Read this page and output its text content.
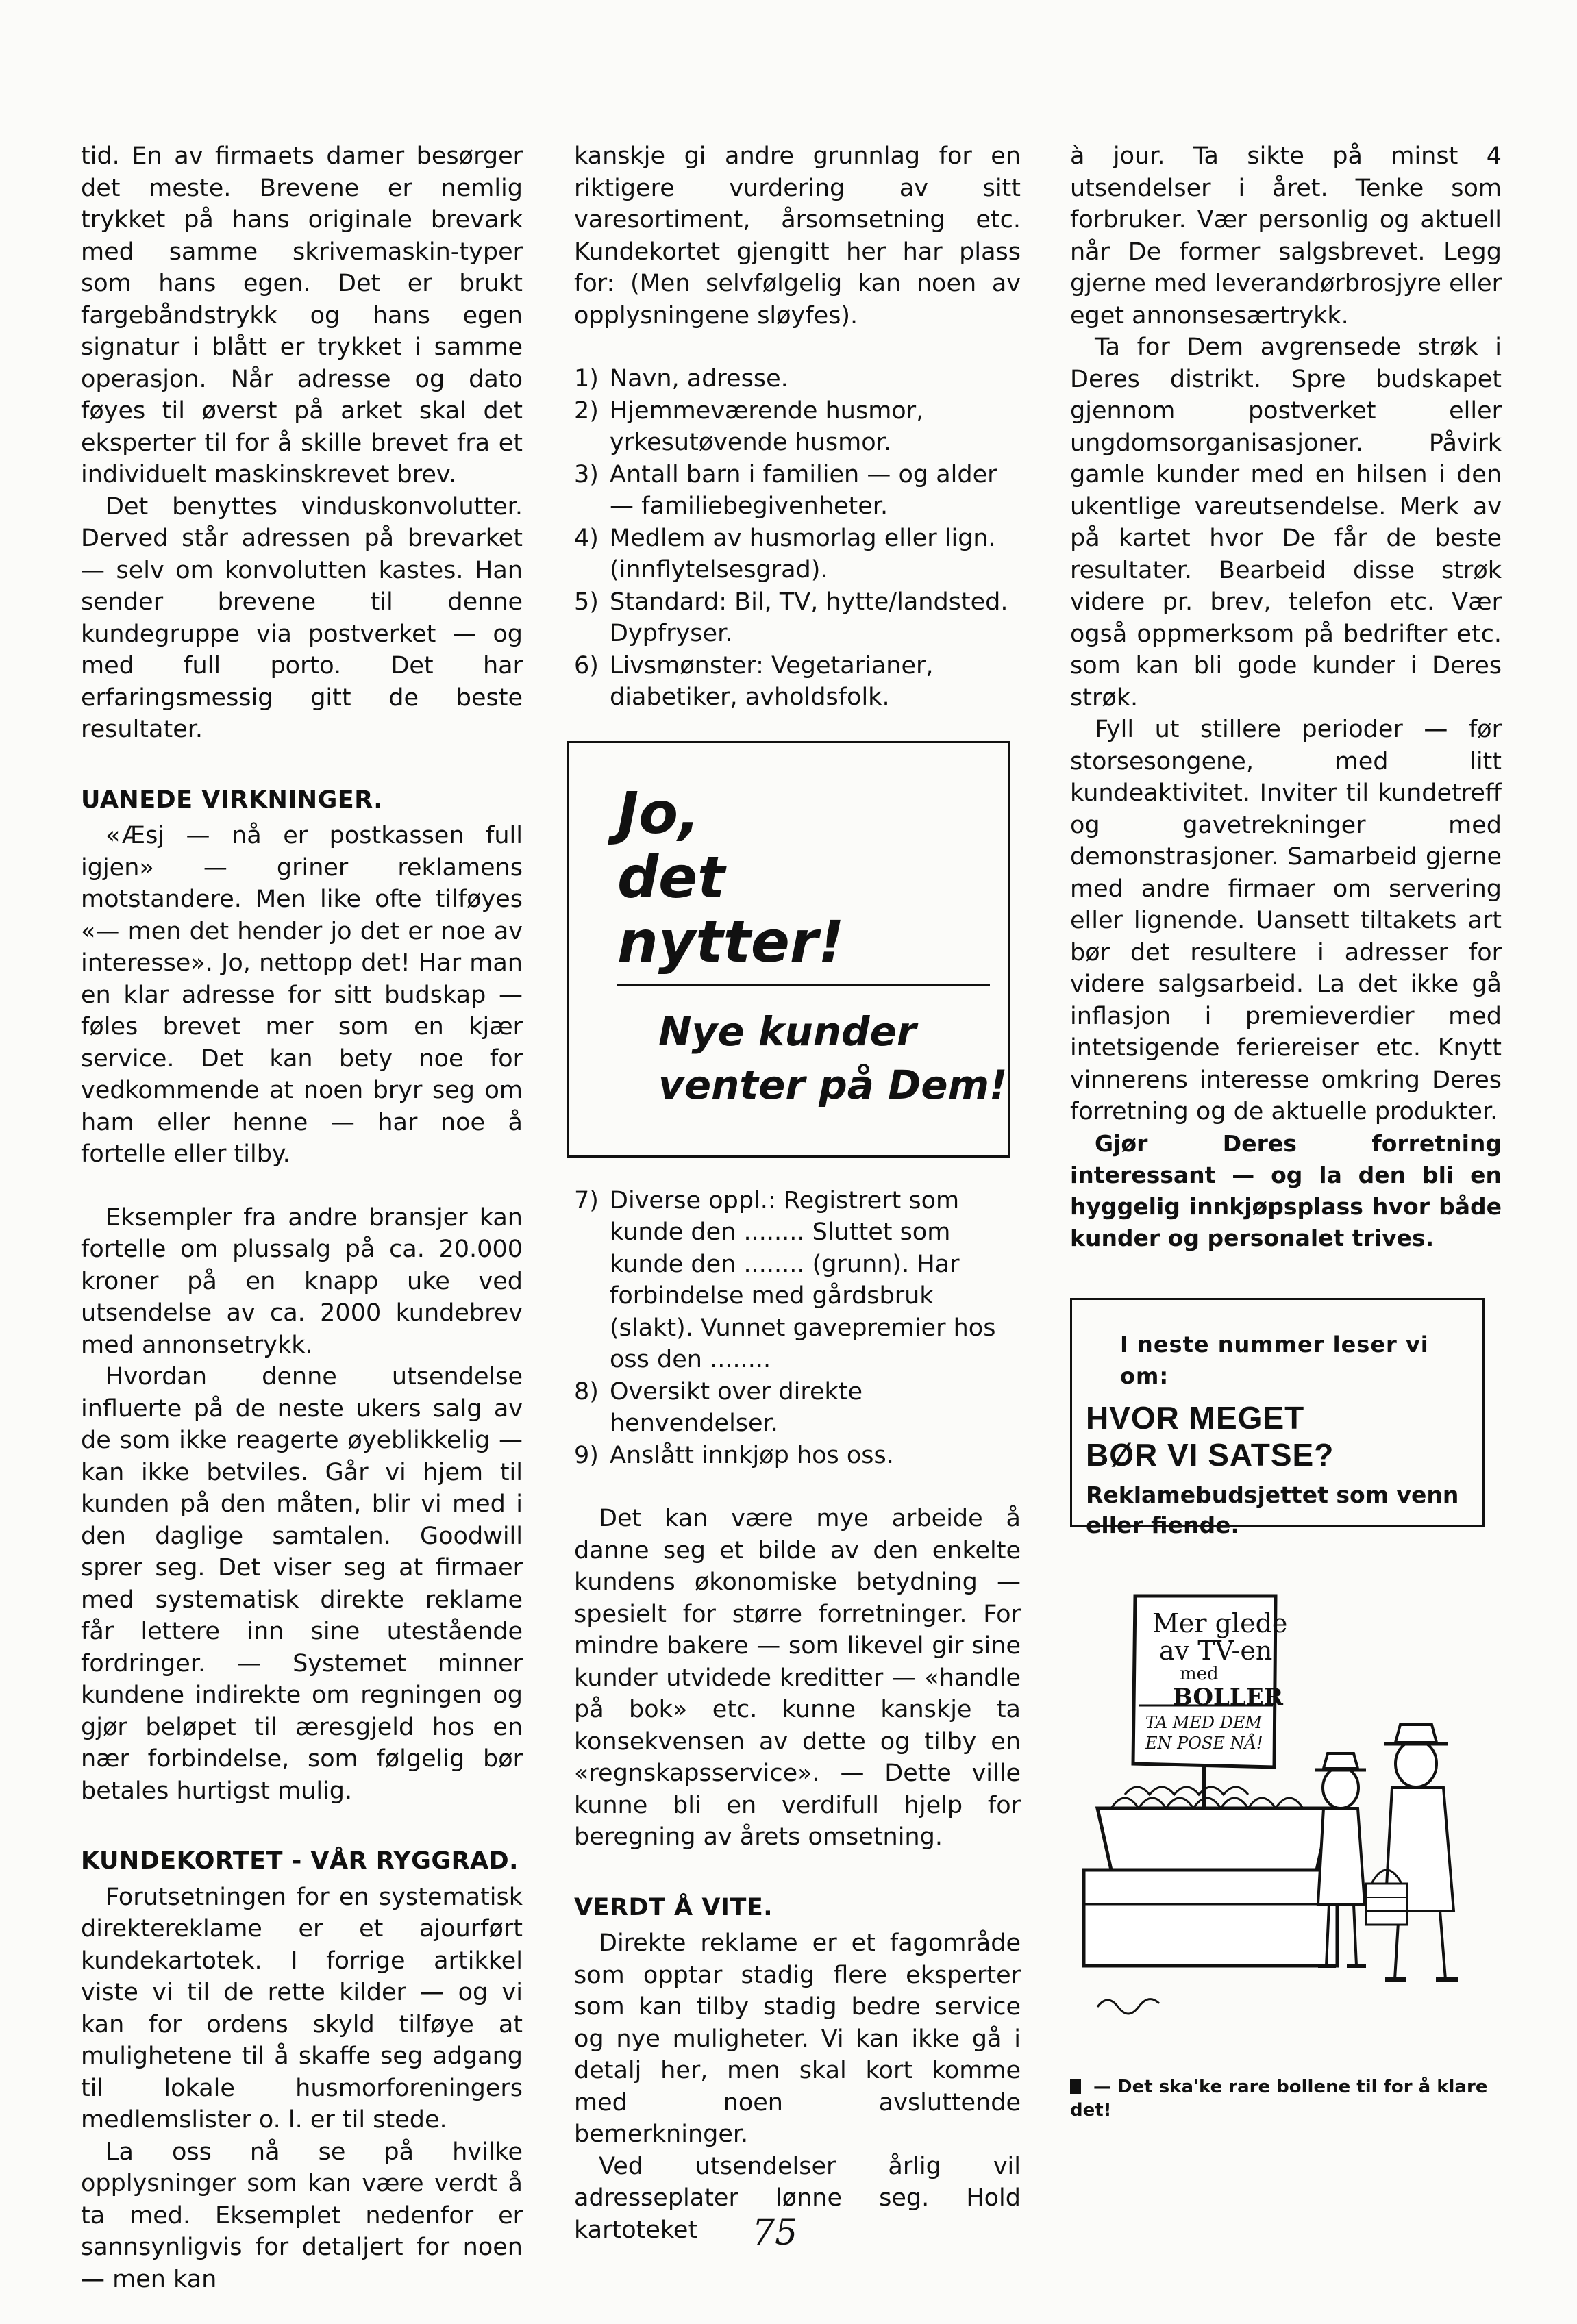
tid. En av firmaets damer besørger det meste. Brevene er nemlig trykket på hans originale brevark med samme skrivemaskin-typer som hans egen. Det er brukt fargebåndstrykk og hans egen signatur i blått er trykket i samme operasjon. Når adresse og dato føyes til øverst på arket skal det eksperter til for å skille brevet fra et individuelt maskinskrevet brev.

Det benyttes vinduskonvolutter. Derved står adressen på brevarket — selv om konvolutten kastes. Han sender brevene til denne kundegruppe via postverket — og med full porto. Det har erfaringsmessig gitt de beste resultater.

UANEDE VIRKNINGER.

«Æsj — nå er postkassen full igjen» — griner reklamens motstandere. Men like ofte tilføyes «— men det hender jo det er noe av interesse». Jo, nettopp det! Har man en klar adresse for sitt budskap — føles brevet mer som en kjær service. Det kan bety noe for vedkommende at noen bryr seg om ham eller henne — har noe å fortelle eller tilby.

Eksempler fra andre bransjer kan fortelle om plussalg på ca. 20.000 kroner på en knapp uke ved utsendelse av ca. 2000 kundebrev med annonsetrykk.

Hvordan denne utsendelse influerte på de neste ukers salg av de som ikke reagerte øyeblikkelig — kan ikke betviles. Går vi hjem til kunden på den måten, blir vi med i den daglige samtalen. Goodwill sprer seg. Det viser seg at firmaer med systematisk direkte reklame får lettere inn sine utestående fordringer. — Systemet minner kundene indirekte om regningen og gjør beløpet til æresgjeld hos en nær forbindelse, som følgelig bør betales hurtigst mulig.

KUNDEKORTET - VÅR RYGGRAD.

Forutsetningen for en systematisk direktereklame er et ajourført kundekartotek. I forrige artikkel viste vi til de rette kilder — og vi kan for ordens skyld tilføye at mulighetene til å skaffe seg adgang til lokale husmorforeningers medlemslister o. l. er til stede.

La oss nå se på hvilke opplysninger som kan være verdt å ta med. Eksemplet nedenfor er sannsynligvis for detaljert for noen — men kan

kanskje gi andre grunnlag for en riktigere vurdering av sitt varesortiment, årsomsetning etc. Kundekortet gjengitt her har plass for: (Men selvfølgelig kan noen av opplysningene sløyfes).

1) Navn, adresse.
2) Hjemmeværende husmor, yrkesutøvende husmor.
3) Antall barn i familien — og alder — familiebegivenheter.
4) Medlem av husmorlag eller lign. (innflytelsesgrad).
5) Standard: Bil, TV, hytte/landsted. Dypfryser.
6) Livsmønster: Vegetarianer, diabetiker, avholdsfolk.
Jo,
det
nytter!
Nye kunder
venter på Dem!
7) Diverse oppl.: Registrert som kunde den ........ Sluttet som kunde den ........ (grunn). Har forbindelse med gårdsbruk (slakt). Vunnet gavepremier hos oss den ........
8) Oversikt over direkte henvendelser.
9) Anslått innkjøp hos oss.

Det kan være mye arbeide å danne seg et bilde av den enkelte kundens økonomiske betydning — spesielt for større forretninger. For mindre bakere — som likevel gir sine kunder utvidede kreditter — «handle på bok» etc. kunne kanskje ta konsekvensen av dette og tilby en «regnskapsservice». — Dette ville kunne bli en verdifull hjelp for beregning av årets omsetning.

VERDT Å VITE.

Direkte reklame er et fagområde som opptar stadig flere eksperter som kan tilby stadig bedre service og nye muligheter. Vi kan ikke gå i detalj her, men skal kort komme med noen avsluttende bemerkninger.

Ved utsendelser årlig vil adresseplater lønne seg. Hold kartoteket

à jour. Ta sikte på minst 4 utsendelser i året. Tenke som forbruker. Vær personlig og aktuell når De former salgsbrevet. Legg gjerne med leverandørbrosjyre eller eget annonsesærtrykk.

Ta for Dem avgrensede strøk i Deres distrikt. Spre budskapet gjennom postverket eller ungdomsorganisasjoner. Påvirk gamle kunder med en hilsen i den ukentlige vareutsendelse. Merk av på kartet hvor De får de beste resultater. Bearbeid disse strøk videre pr. brev, telefon etc. Vær også oppmerksom på bedrifter etc. som kan bli gode kunder i Deres strøk.

Fyll ut stillere perioder — før storsesongene, med litt kundeaktivitet. Inviter til kundetreff og gavetrekninger med demonstrasjoner. Samarbeid gjerne med andre firmaer om servering eller lignende. Uansett tiltakets art bør det resultere i adresser for videre salgsarbeid. La det ikke gå inflasjon i premieverdier med intetsigende feriereiser etc. Knytt vinnerens interesse omkring Deres forretning og de aktuelle produkter.

Gjør Deres forretning interessant — og la den bli en hyggelig innkjøpsplass hvor både kunder og personalet trives.

I neste nummer leser vi om:
HVOR MEGET
BØR VI SATSE?
Reklamebudsjettet som venn eller fiende.
Mer glede
av TV-en
med
BOLLER
TA MED DEM
EN POSE NÅ!
— Det ska'ke rare bollene til for å klare det!
75
